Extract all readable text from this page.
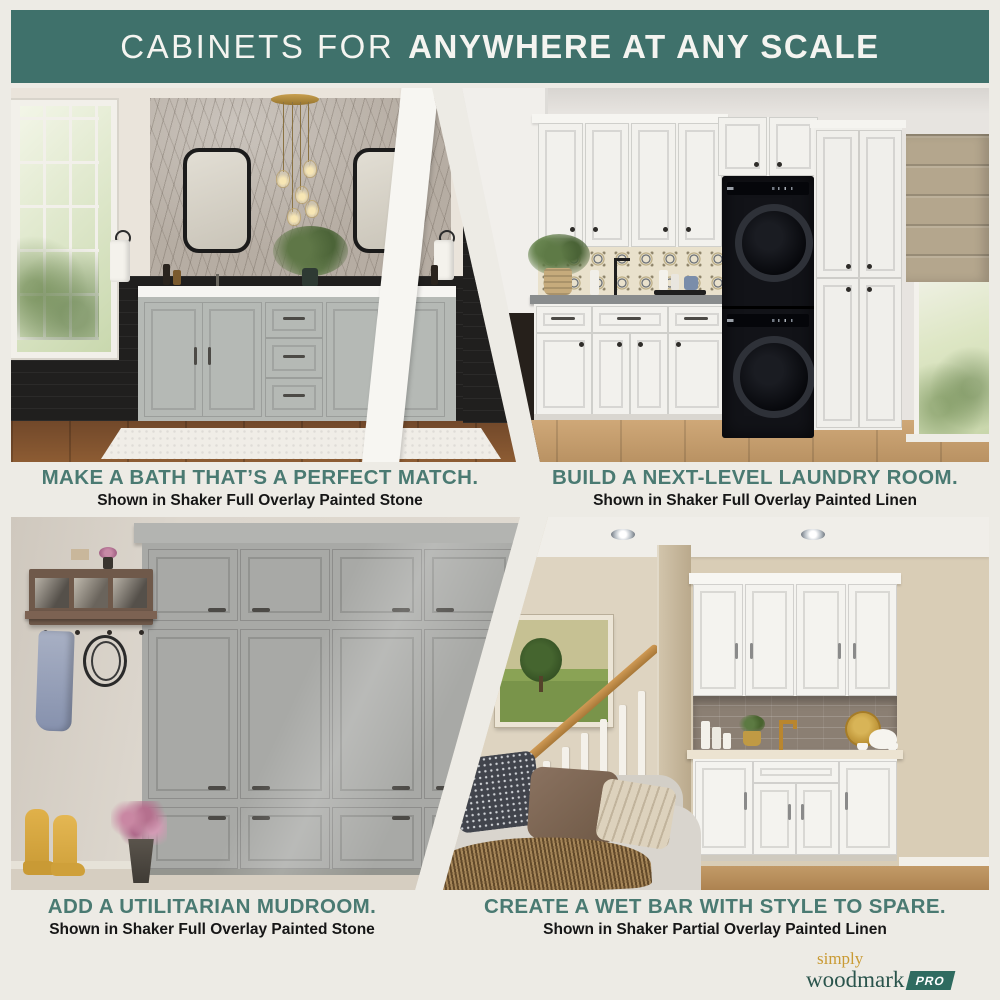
CABINETS FOR ANYWHERE AT ANY SCALE
MAKE A BATH THAT’S A PERFECT MATCH.
Shown in Shaker Full Overlay Painted Stone
BUILD A NEXT-LEVEL LAUNDRY ROOM.
Shown in Shaker Full Overlay Painted Linen
ADD A UTILITARIAN MUDROOM.
Shown in Shaker Full Overlay Painted Stone
CREATE A WET BAR WITH STYLE TO SPARE.
Shown in Shaker Partial Overlay Painted Linen
simply
woodmark PRO
